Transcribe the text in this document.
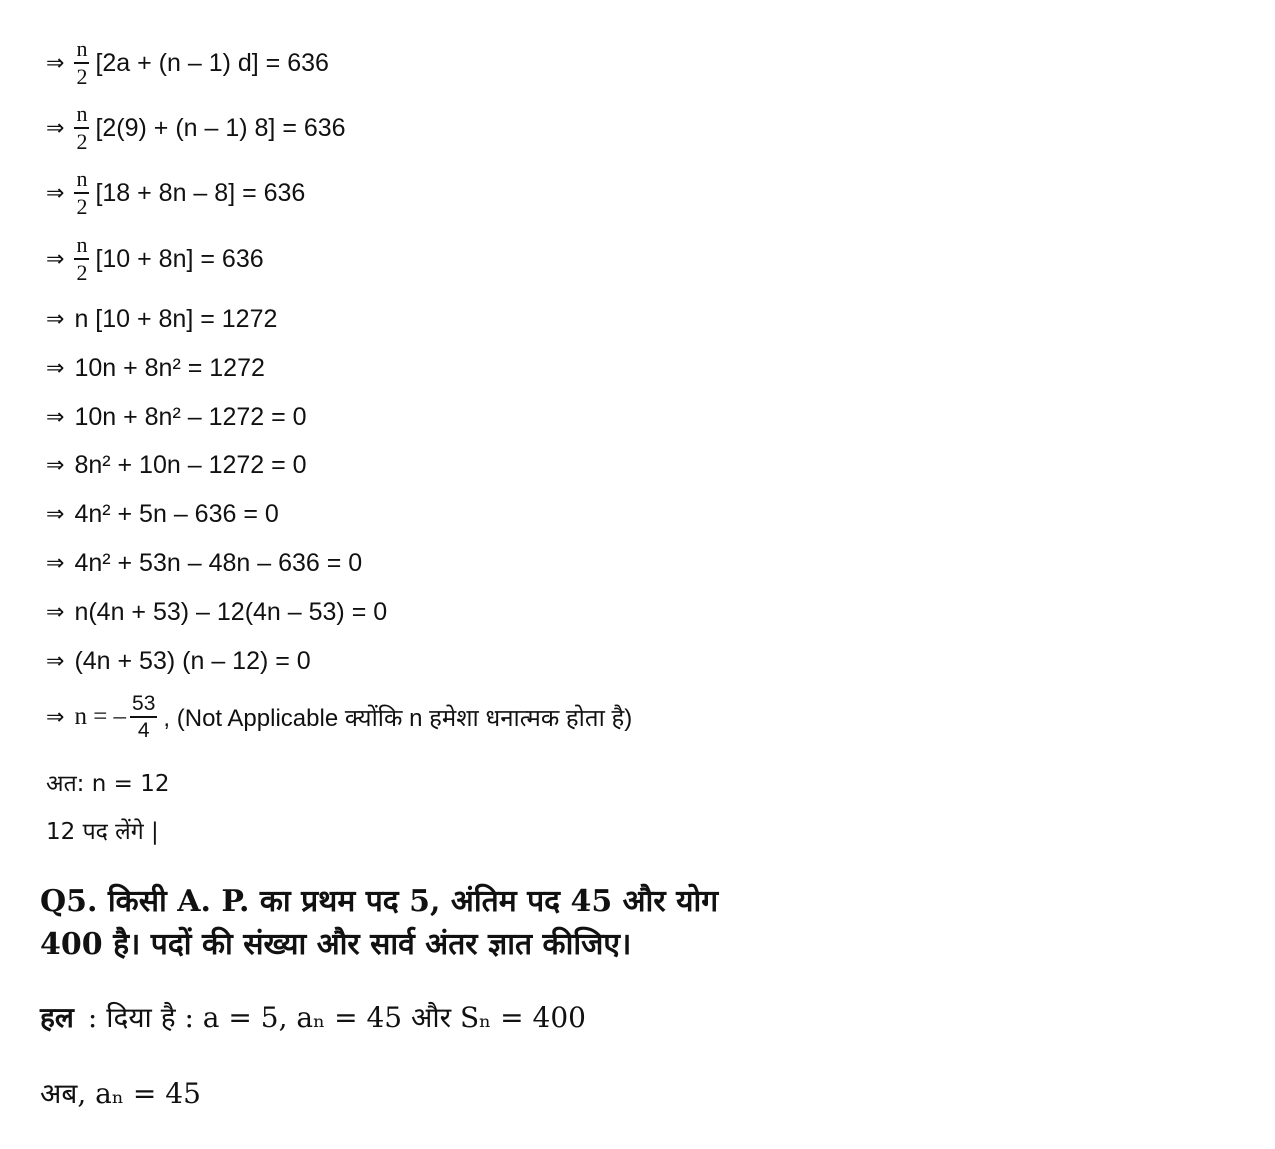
⇒ $\frac{n}{2} [2a + (n - 1) d] = 636$
⇒ $\frac{n}{2} [2(9) + (n - 1) 8] = 636$
⇒ $\frac{n}{2} [18 + 8n - 8] = 636$
⇒ $\frac{n}{2} [10 + 8n] = 636$
⇒ n [10 + 8n] = 1272
⇒ 10n + 8n² = 1272
⇒ 10n + 8n² – 1272 = 0
⇒ 8n² + 10n – 1272 = 0
⇒ 4n² + 5n – 636 = 0
⇒ 4n² + 53n – 48n – 636 = 0
⇒ n(4n + 53) – 12(4n – 53) = 0
⇒ (4n + 53) (n – 12) = 0
⇒ n = – $\frac{53}{4}$ , (Not Applicable क्योंकि n हमेशा धनात्मक होता है)
अत: n = 12
12 पद लेंगे |
Q5. किसी A. P. का प्रथम पद 5, अंतिम पद 45 और योग
400 है। पदों की संख्या और सार्व अंतर ज्ञात कीजिए।
हल : दिया है : a = 5, aₙ = 45 और Sₙ = 400
अब, aₙ = 45
